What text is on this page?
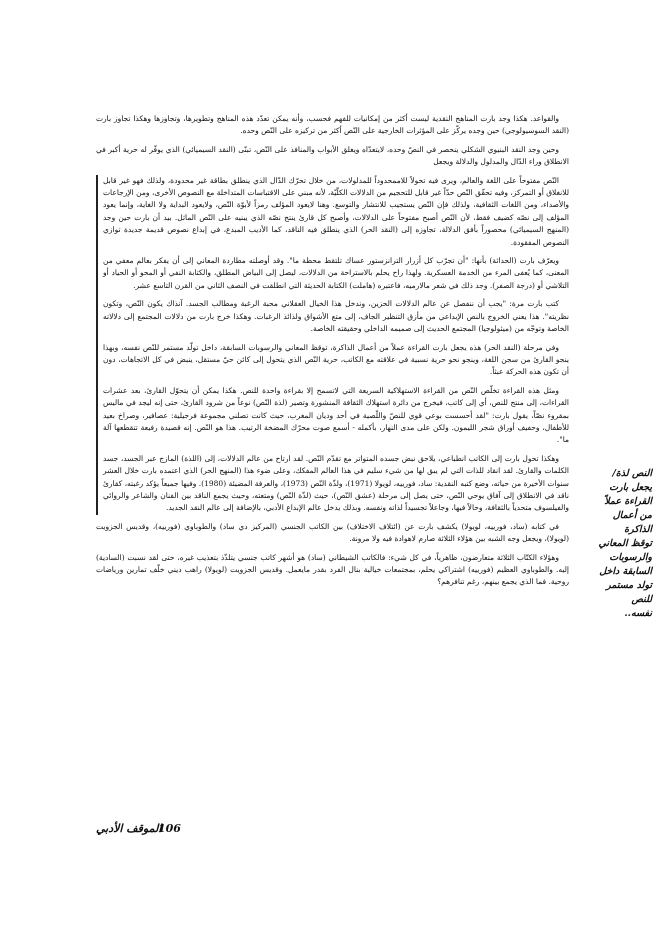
والقواعد. هكذا وجد بارت المناهج النقدية ليست أكثر من إمكانيات للفهم فحسب، وأنه يمكن تعدّد هذه المناهج وتطويرها، وتجاوزها وهكذا تجاوز بارت (النقد السوسيولوجي) حين وجده يركّز على المؤثرات الخارجية على النّص أكثر من تركيزه على النّص وحده.

وحين وجد النقد البنيوي الشكلي ينحصر في النصّ وحده، لايتعدّاه ويغلق الأبواب والمنافذ على النّص، تبنّى (النقد السيميائي) الذي يوفّر له حرية أكبر في الانطلاق وراء الدّال والمدلول والدلالة ويجعل

النّص مفتوحاً على اللغة والعالم، ويرى فيه تحولاً للاممحدوداً للمدلولات، من خلال تحرّك الدّال الذي ينطلق بطاقة غير محدودة، ولذلك فهو غير قابل للانغلاق أو التمركز، وفيه تحقّق النّص حدّاً غير قابل للتحجيم من الدلالات الكلّيّة، لأنه مبني على الاقتباسات المتداخلة مع النصوص الأخرى، ومن الإرجاعات والأصداء، ومن اللغات الثقافية، ولذلك فإن النّص يستجيب للانتشار والتوسع. وهنا لايعود المؤلف رمزاً لأبوّة النّص، ولايعود البداية ولا الغاية، وإنما يعود المؤلف إلى نصّه كضيف فقط، لأن النّص أصبح مفتوحاً على الدلالات، وأصبح كل قارئ ينتج نصّه الذي يبنيه على النّص الماثل. بيد أن بارت حين وجد (المنهج السيميائي) محصوراً بأفق الدلالة، تجاوزه إلى (النقد الحر) الذي ينطلق فيه الناقد، كما الأديب المبدع، في إبداع نصوص قديمة جديدة توازي النصوص المفقودة.

ويعرّف بارت (الحداثة) بأنها: "أن تجرّب كل أزرار الترانزستور عساك تلتقط محطة ما". وقد أوصلته مطاردة المعاني إلى أن يفكر بعالم معفي من المعنى، كما يُعفى المرء من الخدمة العسكرية. ولهذا راح يحلم بالاستراحة من الدلالات، ليصل إلى البياض المطلق، والكتابة النفي أو المحو أو الحياد أو التلاشي أو (درجة الصفر). وجد ذلك في شعر مالارميه، فاعتبره (هاملت) الكتابة الحديثة التي انطلقت في النصف الثاني من القرن التاسع عشر.

كتب بارت مرة: "يجب أن ننفصل عن عالم الدلالات الحزين، وندخل هذا الخيال العقلاني محبة الرغبة ومطالب الجسد. آنذاك يكون النّص، وتكون نظريته". هذا يعني الخروج بالنص الإبداعي من مأزق التنظير الجاف، إلى متع الأشواق ولذائذ الرغبات. وهكذا خرج بارت من دلالات المجتمع إلى دلالاته الخاصة وتوجّه من (ميثولوجيا) المجتمع الحديث إلى صميمه الداخلي وحقيقته الخاصة.

وفي مرحلة (النقد الحر) هذه يجعل بارت القراءة عملاً من أعمال الذاكرة، توقظ المعاني والرسوبات السابقة، داخل تولّد مستمر للنّص نفسه، وبهذا ينجو القارئ من سجن اللغة، وينجو نحو حرية نسبية في علاقته مع الكاتب، حرية النّص الذي يتحول إلى كائن حيّ مستقل، ينبض في كل الاتجاهات، دون أن تكون هذه الحركة عبثاً.

ومثل هذه القراءة تخلّص النّص من القراءة الاستهلاكية السريعة التي لاتسمح إلا بقراءة واحدة للنص. هكذا يمكن أن يتحوّل القارئ، بعد عشرات القراءات، إلى منتج للنص، أي إلى كاتب، فيخرج من دائرة استهلاك الثقافة المنشورة وتصير (لذة النّص) نوعاً من شرود القارئ، حتى إنه ليجد في ماليس بمقروء نصّاً، يقول بارت: "لقد أحسست بوعي قوي للنصّ واللّصية في أحد وديان المغرب، حيث كانت تصلني مجموعة فرجيلية: عصافير، وصراخ بعيد للأطفال، وحفيف أوراق شجر الليمون. ولكن على مدى النهار، بأكمله - أسمع صوت محرّك المضخة الرتيب. هذا هو النّص. إنه قصيدة رفيعة تتقطعها آلة ما".

وهكذا تحول بارت إلى الكاتب انطباعي، يلاحق نبض جسده المتواتر مع تقدّم النّص. لقد ارتاح من عالم الدلالات، إلى (اللذة) المازج عبر الجسد، جسد الكلمات والقارئ. لقد انقاد للذات التي لم يبق لها من شيء سليم في هذا العالم المفكك، وعلى ضوء هذا (المنهج الحر) الذي اعتمده بارت خلال العشر سنوات الأخيرة من حياته، وضع كتبه النقدية: ساد، فورييه، لويولا (1971)، ولذّة النّص (1973)، والعرفة المضيئة (1980). وفيها جميعاً يؤكد رغبته، كقارئ ناقد في الانطلاق إلى آفاق يوحي النّص، حتى يصل إلى مرحلة (عشق النّص)، حيث (لذّة النّص) ومتعته، وحيث يجمع الناقد بين الفنان والشاعر والروائي والفيلسوف متحدياً بالثقافة، وحالاً فيها، وجاعلاً تجسيداً لذاته ونفسه. وبذلك يدخل عالم الإبداع الأدبي، بالإضافة إلى عالم النقد الجديد.

في كتابه (ساد، فورييه، لويولا) يكشف بارت عن (ائتلاف الاختلاف) بين الكاتب الجنسي (المركيز دي ساد) والطوباوي (فورييه)، وقديس الجزويت (لويولا)، ويجعل وجه الشبه بين هؤلاء الثلاثة صارم لاهوادة فيه ولا مرونة.

وهؤلاء الكتّاب الثلاثة متعارضون، ظاهرياً، في كل شيء: فالكاتب الشيطاني (ساد) هو أشهر كاتب جنسي يتلذّذ بتعذيب غيره، حتى لقد نسبت (السادية) إليه. والطوباوي العظيم (فورييه) اشتراكي يحلم، بمجتمعات خيالية بنال الفرد بقدر مايعمل. وقديس الجزويت (لويولا) راهب ديني خلّف تمارين ورياضات روحية. فما الذي يجمع بينهم، رغم تنافرهم؟

النص لذة/
يجعل بارت القراءة عملاً
من أعمال الذاكرة
توقظ المعاني والرسوبات
السابقة داخل
تولد مستمر للنص
نفسه..
الموقف الأدبي
106
